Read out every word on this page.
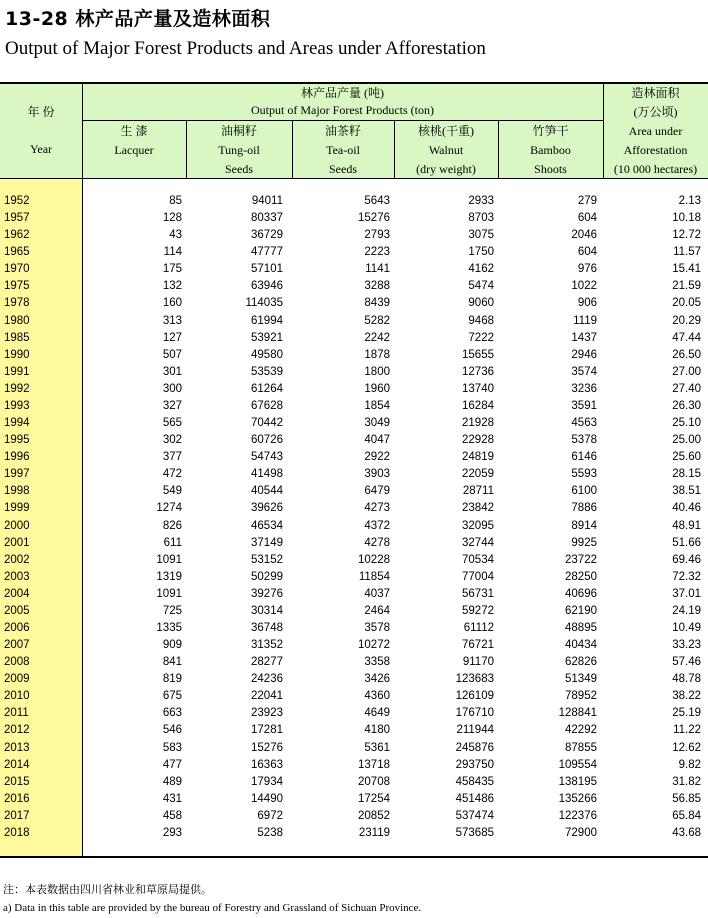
13-28 林产品产量及造林面积
Output of Major Forest Products and Areas under Afforestation
年 份
Year
林产品产量 (吨)
Output of Major Forest Products (ton)
造林面积
(万公顷)
Area under
Afforestation
(10 000 hectares)
生 漆
Lacquer
油桐籽
Tung-oil
Seeds
油茶籽
Tea-oil
Seeds
核桃(干重)
Walnut
(dry weight)
竹笋干
Bamboo
Shoots
1952	85	94011	5643	2933	279	2.13
1957	128	80337	15276	8703	604	10.18
1962	43	36729	2793	3075	2046	12.72
1965	114	47777	2223	1750	604	11.57
1970	175	57101	1141	4162	976	15.41
1975	132	63946	3288	5474	1022	21.59
1978	160	114035	8439	9060	906	20.05
1980	313	61994	5282	9468	1119	20.29
1985	127	53921	2242	7222	1437	47.44
1990	507	49580	1878	15655	2946	26.50
1991	301	53539	1800	12736	3574	27.00
1992	300	61264	1960	13740	3236	27.40
1993	327	67628	1854	16284	3591	26.30
1994	565	70442	3049	21928	4563	25.10
1995	302	60726	4047	22928	5378	25.00
1996	377	54743	2922	24819	6146	25.60
1997	472	41498	3903	22059	5593	28.15
1998	549	40544	6479	28711	6100	38.51
1999	1274	39626	4273	23842	7886	40.46
2000	826	46534	4372	32095	8914	48.91
2001	611	37149	4278	32744	9925	51.66
2002	1091	53152	10228	70534	23722	69.46
2003	1319	50299	11854	77004	28250	72.32
2004	1091	39276	4037	56731	40696	37.01
2005	725	30314	2464	59272	62190	24.19
2006	1335	36748	3578	61112	48895	10.49
2007	909	31352	10272	76721	40434	33.23
2008	841	28277	3358	91170	62826	57.46
2009	819	24236	3426	123683	51349	48.78
2010	675	22041	4360	126109	78952	38.22
2011	663	23923	4649	176710	128841	25.19
2012	546	17281	4180	211944	42292	11.22
2013	583	15276	5361	245876	87855	12.62
2014	477	16363	13718	293750	109554	9.82
2015	489	17934	20708	458435	138195	31.82
2016	431	14490	17254	451486	135266	56.85
2017	458	6972	20852	537474	122376	65.84
2018	293	5238	23119	573685	72900	43.68
注：本表数据由四川省林业和草原局提供。
a) Data in this table are provided by the bureau of Forestry and Grassland of Sichuan Province.
